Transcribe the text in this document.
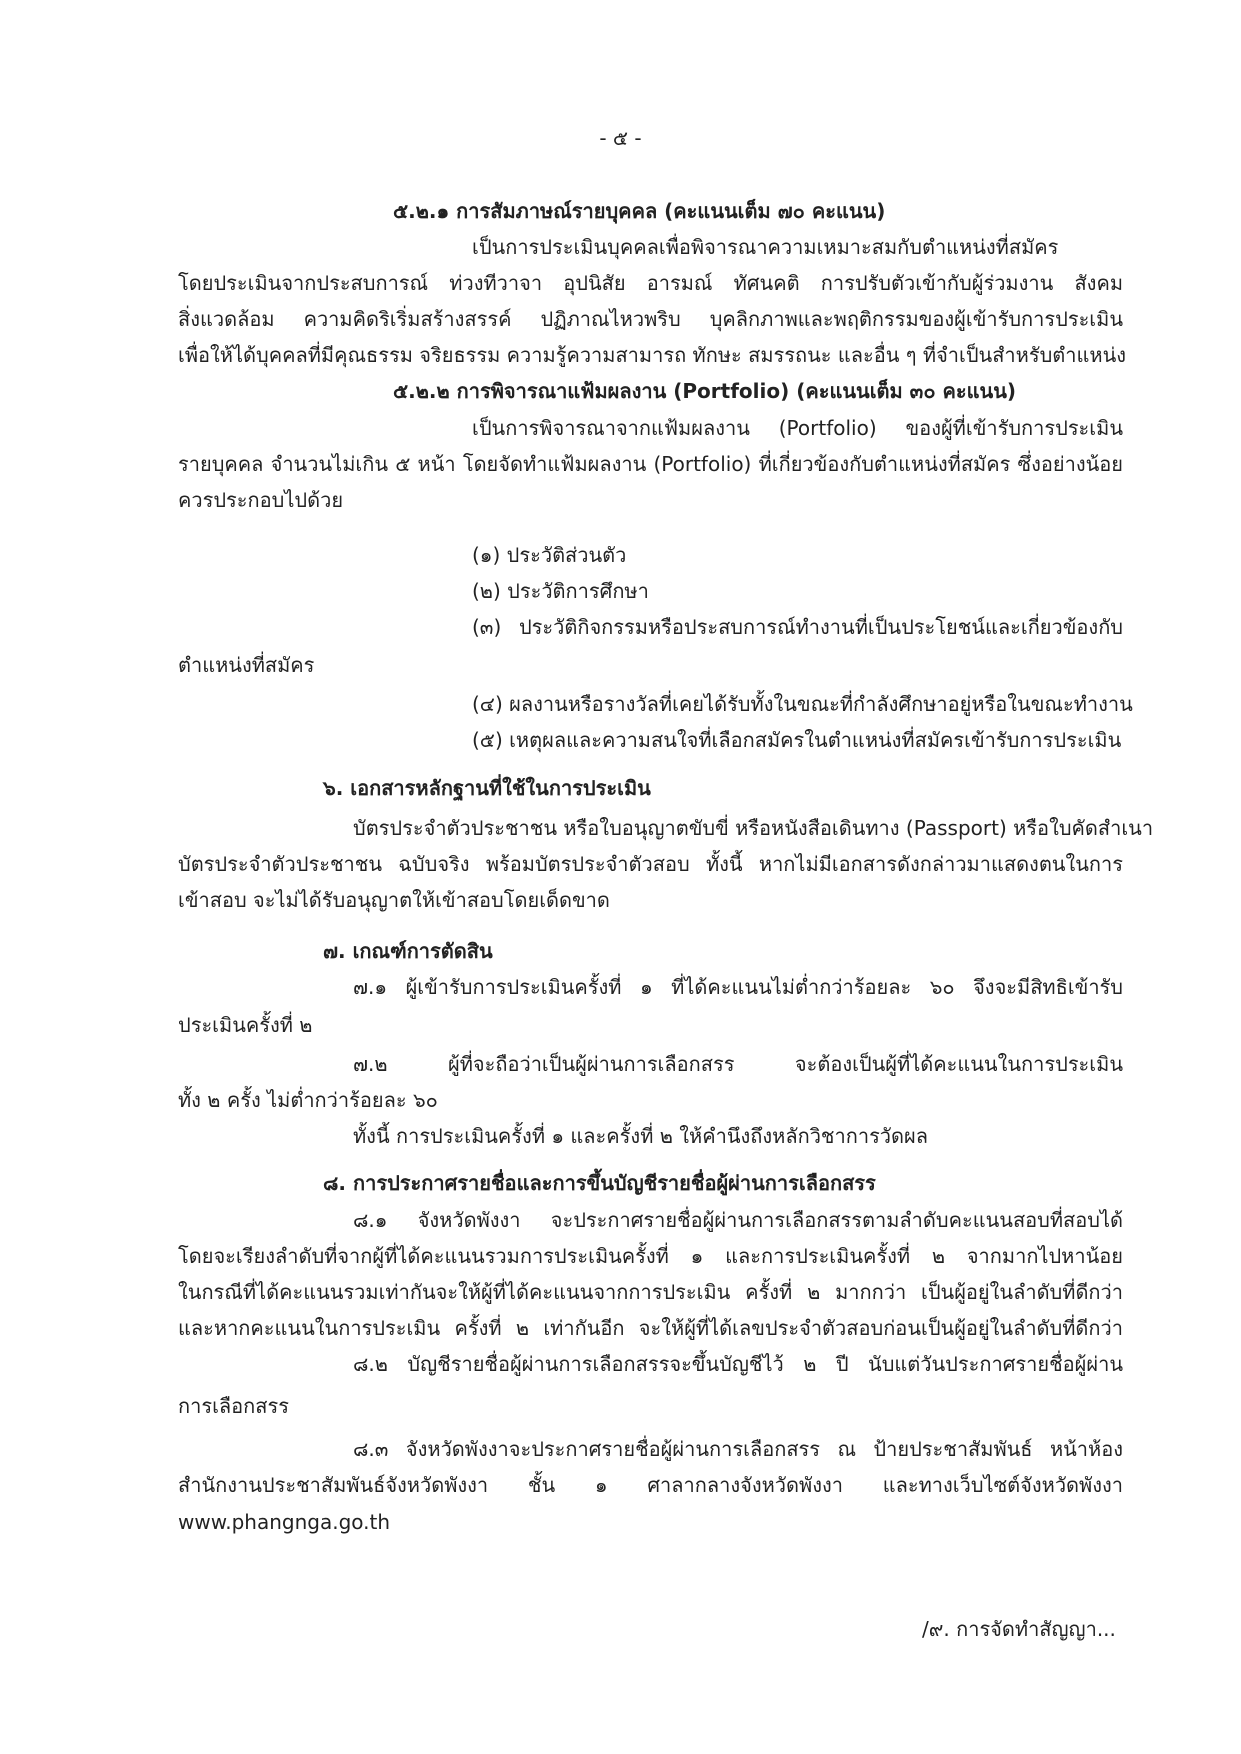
- ๕ -
๕.๒.๑ การสัมภาษณ์รายบุคคล (คะแนนเต็ม ๗๐ คะแนน)
เป็นการประเมินบุคคลเพื่อพิจารณาความเหมาะสมกับตำแหน่งที่สมัคร
โดยประเมินจากประสบการณ์ ท่วงทีวาจา อุปนิสัย อารมณ์ ทัศนคติ การปรับตัวเข้ากับผู้ร่วมงาน สังคม
สิ่งแวดล้อม ความคิดริเริ่มสร้างสรรค์ ปฏิภาณไหวพริบ บุคลิกภาพและพฤติกรรมของผู้เข้ารับการประเมิน
เพื่อให้ได้บุคคลที่มีคุณธรรม จริยธรรม ความรู้ความสามารถ ทักษะ สมรรถนะ และอื่น ๆ ที่จำเป็นสำหรับตำแหน่ง
๕.๒.๒ การพิจารณาแฟ้มผลงาน (Portfolio) (คะแนนเต็ม ๓๐ คะแนน)
เป็นการพิจารณาจากแฟ้มผลงาน (Portfolio) ของผู้ที่เข้ารับการประเมิน
รายบุคคล จำนวนไม่เกิน ๕ หน้า โดยจัดทำแฟ้มผลงาน (Portfolio) ที่เกี่ยวข้องกับตำแหน่งที่สมัคร ซึ่งอย่างน้อย
ควรประกอบไปด้วย
(๑) ประวัติส่วนตัว
(๒) ประวัติการศึกษา
(๓) ประวัติกิจกรรมหรือประสบการณ์ทำงานที่เป็นประโยชน์และเกี่ยวข้องกับ
ตำแหน่งที่สมัคร
(๔) ผลงานหรือรางวัลที่เคยได้รับทั้งในขณะที่กำลังศึกษาอยู่หรือในขณะทำงาน
(๕) เหตุผลและความสนใจที่เลือกสมัครในตำแหน่งที่สมัครเข้ารับการประเมิน
๖. เอกสารหลักฐานที่ใช้ในการประเมิน
บัตรประจำตัวประชาชน หรือใบอนุญาตขับขี่ หรือหนังสือเดินทาง (Passport) หรือใบคัดสำเนา
บัตรประจำตัวประชาชน ฉบับจริง พร้อมบัตรประจำตัวสอบ ทั้งนี้ หากไม่มีเอกสารดังกล่าวมาแสดงตนในการ
เข้าสอบ จะไม่ได้รับอนุญาตให้เข้าสอบโดยเด็ดขาด
๗. เกณฑ์การตัดสิน
๗.๑ ผู้เข้ารับการประเมินครั้งที่ ๑ ที่ได้คะแนนไม่ต่ำกว่าร้อยละ ๖๐ จึงจะมีสิทธิเข้ารับ
ประเมินครั้งที่ ๒
๗.๒ ผู้ที่จะถือว่าเป็นผู้ผ่านการเลือกสรร จะต้องเป็นผู้ที่ได้คะแนนในการประเมิน
ทั้ง ๒ ครั้ง ไม่ต่ำกว่าร้อยละ ๖๐
ทั้งนี้ การประเมินครั้งที่ ๑ และครั้งที่ ๒ ให้คำนึงถึงหลักวิชาการวัดผล
๘. การประกาศรายชื่อและการขึ้นบัญชีรายชื่อผู้ผ่านการเลือกสรร
๘.๑ จังหวัดพังงา จะประกาศรายชื่อผู้ผ่านการเลือกสรรตามลำดับคะแนนสอบที่สอบได้
โดยจะเรียงลำดับที่จากผู้ที่ได้คะแนนรวมการประเมินครั้งที่ ๑ และการประเมินครั้งที่ ๒ จากมากไปหาน้อย
ในกรณีที่ได้คะแนนรวมเท่ากันจะให้ผู้ที่ได้คะแนนจากการประเมิน ครั้งที่ ๒ มากกว่า เป็นผู้อยู่ในลำดับที่ดีกว่า
และหากคะแนนในการประเมิน ครั้งที่ ๒ เท่ากันอีก จะให้ผู้ที่ได้เลขประจำตัวสอบก่อนเป็นผู้อยู่ในลำดับที่ดีกว่า
๘.๒ บัญชีรายชื่อผู้ผ่านการเลือกสรรจะขึ้นบัญชีไว้ ๒ ปี นับแต่วันประกาศรายชื่อผู้ผ่าน
การเลือกสรร
๘.๓ จังหวัดพังงาจะประกาศรายชื่อผู้ผ่านการเลือกสรร ณ ป้ายประชาสัมพันธ์ หน้าห้อง
สำนักงานประชาสัมพันธ์จังหวัดพังงา ชั้น ๑ ศาลากลางจังหวัดพังงา และทางเว็บไซต์จังหวัดพังงา
www.phangnga.go.th
/๙. การจัดทำสัญญา...
